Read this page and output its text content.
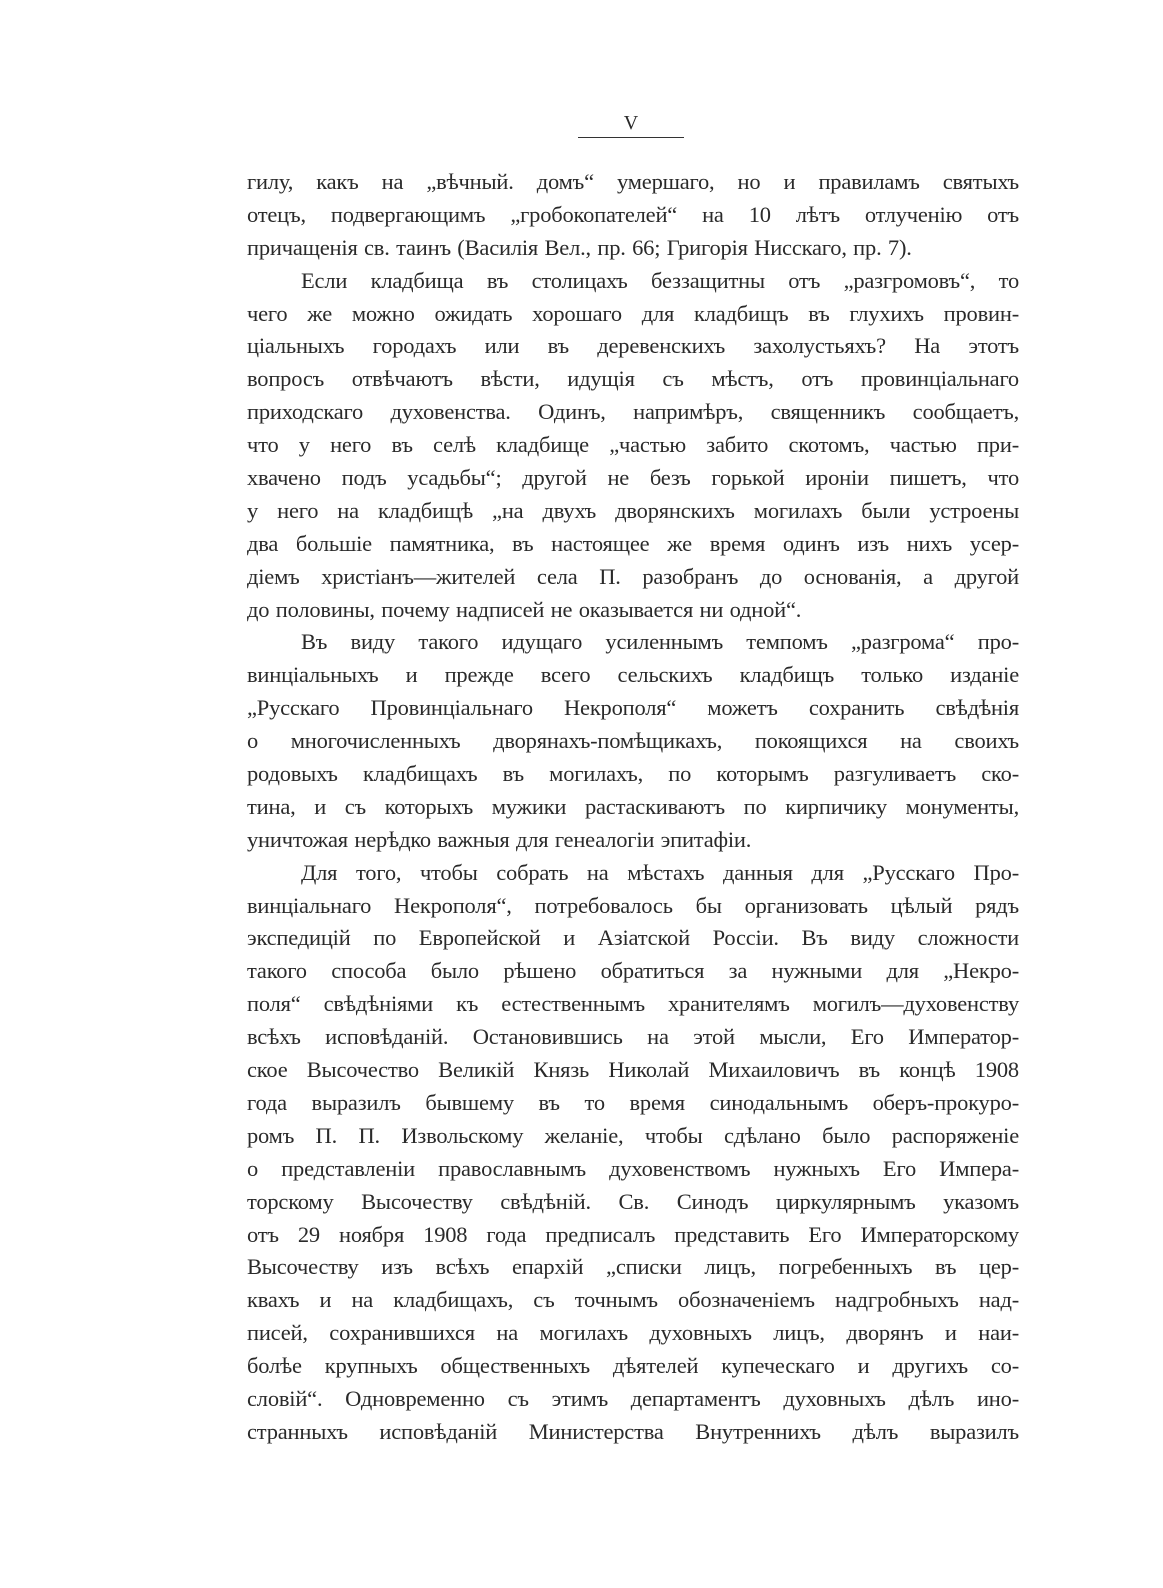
V
гилу, какъ на „вѣчный. домъ“ умершаго, но и правиламъ святыхъ
отецъ, подвергающимъ „гробокопателей“ на 10 лѣтъ отлученію отъ
причащенія св. таинъ (Василія Вел., пр. 66; Григорія Нисскаго, пр. 7).
Если кладбища въ столицахъ беззащитны отъ „разгромовъ“, то
чего же можно ожидать хорошаго для кладбищъ въ глухихъ провин-
ціальныхъ городахъ или въ деревенскихъ захолустьяхъ? На этотъ
вопросъ отвѣчаютъ вѣсти, идущія съ мѣстъ, отъ провинціальнаго
приходскаго духовенства. Одинъ, напримѣръ, священникъ сообщаетъ,
что у него въ селѣ кладбище „частью забито скотомъ, частью при-
хвачено подъ усадьбы“; другой не безъ горькой ироніи пишетъ, что
у него на кладбищѣ „на двухъ дворянскихъ могилахъ были устроены
два большіе памятника, въ настоящее же время одинъ изъ нихъ усер-
діемъ христіанъ—жителей села П. разобранъ до основанія, а другой
до половины, почему надписей не оказывается ни одной“.
Въ виду такого идущаго усиленнымъ темпомъ „разгрома“ про-
винціальныхъ и прежде всего сельскихъ кладбищъ только изданіе
„Русскаго Провинціальнаго Некрополя“ можетъ сохранить свѣдѣнія
о многочисленныхъ дворянахъ-помѣщикахъ, покоящихся на своихъ
родовыхъ кладбищахъ въ могилахъ, по которымъ разгуливаетъ ско-
тина, и съ которыхъ мужики растаскиваютъ по кирпичику монументы,
уничтожая нерѣдко важныя для генеалогіи эпитафіи.
Для того, чтобы собрать на мѣстахъ данныя для „Русскаго Про-
винціальнаго Некрополя“, потребовалось бы организовать цѣлый рядъ
экспедицій по Европейской и Азіатской Россіи. Въ виду сложности
такого способа было рѣшено обратиться за нужными для „Некро-
поля“ свѣдѣніями къ естественнымъ хранителямъ могилъ—духовенству
всѣхъ исповѣданій. Остановившись на этой мысли, Его Император-
ское Высочество Великій Князь Николай Михаиловичъ въ концѣ 1908
года выразилъ бывшему въ то время синодальнымъ оберъ-прокуро-
ромъ П. П. Извольскому желаніе, чтобы сдѣлано было распоряженіе
о представленіи православнымъ духовенствомъ нужныхъ Его Импера-
торскому Высочеству свѣдѣній. Св. Синодъ циркулярнымъ указомъ
отъ 29 ноября 1908 года предписалъ представить Его Императорскому
Высочеству изъ всѣхъ епархій „списки лицъ, погребенныхъ въ цер-
квахъ и на кладбищахъ, съ точнымъ обозначеніемъ надгробныхъ над-
писей, сохранившихся на могилахъ духовныхъ лицъ, дворянъ и наи-
болѣе крупныхъ общественныхъ дѣятелей купеческаго и другихъ со-
словій“. Одновременно съ этимъ департаментъ духовныхъ дѣлъ ино-
странныхъ исповѣданій Министерства Внутреннихъ дѣлъ выразилъ
